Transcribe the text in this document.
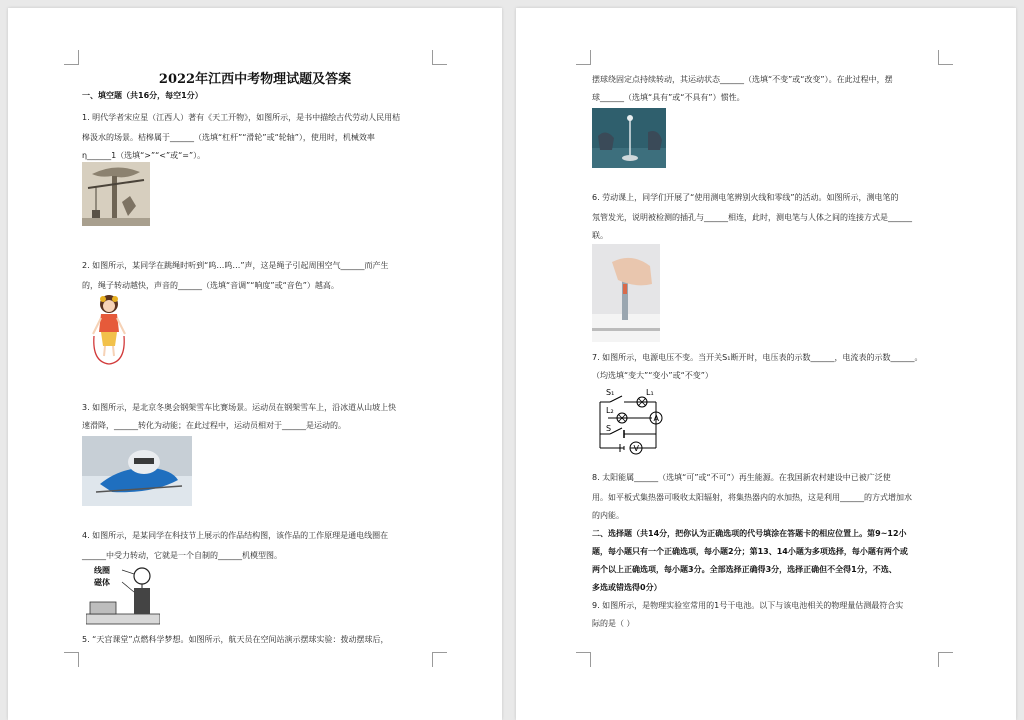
2022年江西中考物理试题及答案
一、填空题（共16分，每空1分）
1. 明代学者宋应星（江西人）著有《天工开物》，如图所示，是书中描绘古代劳动人民用桔
槔汲水的场景。桔槔属于______（选填“杠杆”“滑轮”或“轮轴”），使用时，机械效率
η______1（选填“>”“<”或“=”）。
2. 如图所示，某同学在跳绳时听到“呜…呜…”声，这是绳子引起周围空气______而产生
的，绳子转动越快，声音的______（选填“音调”“响度”或“音色”）越高。
3. 如图所示，是北京冬奥会钢架雪车比赛场景。运动员在钢架雪车上，沿冰道从山坡上快
速滑降，______转化为动能；在此过程中，运动员相对于______是运动的。
4. 如图所示，是某同学在科技节上展示的作品结构图，该作品的工作原理是通电线圈在
______中受力转动，它就是一个自制的______机模型图。
线圈
磁体
5. “天宫课堂”点燃科学梦想。如图所示，航天员在空间站演示摆球实验：拨动摆球后，
摆球绕固定点持续转动，其运动状态______（选填“不变”或“改变”）。在此过程中，摆
球______（选填“具有”或“不具有”）惯性。
6. 劳动课上，同学们开展了“使用测电笔辨别火线和零线”的活动。如图所示，测电笔的
氖管发光，说明被检测的插孔与______相连，此时，测电笔与人体之间的连接方式是______
联。
7. 如图所示，电源电压不变。当开关S₁断开时，电压表的示数______，电流表的示数______。
（均选填“变大”“变小”或“不变”）
S₁	L₁
L₂
S
A
V
8. 太阳能属______（选填“可”或“不可”）再生能源。在我国新农村建设中已被广泛使
用。如平板式集热器可吸收太阳辐射，将集热器内的水加热，这是利用______的方式增加水
的内能。
二、选择题（共14分，把你认为正确选项的代号填涂在答题卡的相应位置上。第9~12小
题，每小题只有一个正确选项，每小题2分；第13、14小题为多项选择，每小题有两个或
两个以上正确选项，每小题3分。全部选择正确得3分，选择正确但不全得1分，不选、
多选或错选得0分）
9. 如图所示，是物理实验室常用的1号干电池。以下与该电池相关的物理量估测最符合实
际的是（ ）
